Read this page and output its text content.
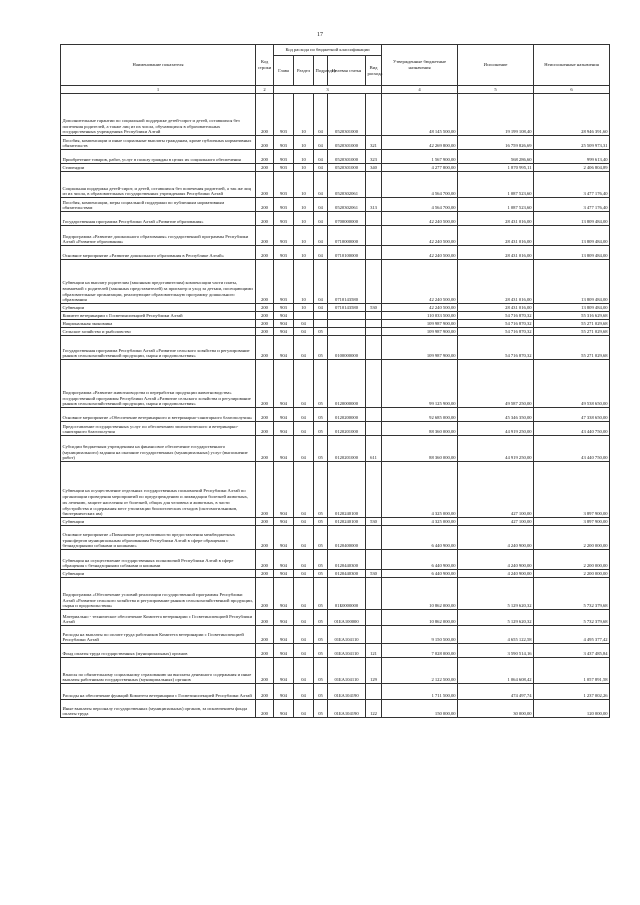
17
Наименование показателя	Код строки	Код расхода по бюджетной классификации					Утвержденные бюджетные назначения	Исполнение	Неисполненные назначения
		Глава	Раздел	Подраздел	Целевая статья	Вид расхода			
1	2	3					4	5	6
Дополнительные гарантии по социальной поддержке детей-сирот и детей, оставшихся без попечения родителей, а также лиц из их числа, обучающихся в образовательных государственных учреждениях Республики Алтай	200	903	10	04	0520301000		48 145 500,00	19 199 108,40	28 946 391,60
Пособия, компенсации и иные социальные выплаты гражданам, кроме публичных нормативных обязательств	200	903	10	04	0520301000	321	42 269 800,00	16 759 826,69	25 509 973,31
Приобретение товаров, работ, услуг в пользу граждан в целях их социального обеспечения	200	903	10	04	0520301000	323	1 567 900,00	568 286,60	999 613,40
Стипендии	200	903	10	04	0520301000	340	4 277 800,00	1 870 995,11	2 406 804,89
Социальная поддержка детей-сирот, и детей, оставшихся без попечения родителей, а так же лиц из их числа, в образовательных государственных учреждениях Республики Алтай	200	903	10	04	0520302061		4 564 700,00	1 087 523,60	3 477 176,40
Пособия, компенсации, меры социальной поддержки по публичным нормативным обязательствам	200	903	10	04	0520302061	313	4 564 700,00	1 087 523,60	3 477 176,40
Государственная программа Республики Алтай «Развитие образования»	200	903	10	04	0700000000		42 240 500,00	28 431 016,00	13 809 484,00
Подпрограмма «Развитие дошкольного образования» государственной программы Республики Алтай «Развитие образования»	200	903	10	04	0710000000		42 240 500,00	28 431 016,00	13 809 484,00
Основное мероприятие «Развитие дошкольного образования в Республике Алтай»	200	903	10	04	0710100000		42 240 500,00	28 431 016,00	13 809 484,00
Субвенции на выплату родителям (законным представителям) компенсации части платы, взимаемой с родителей (законных представителей) за присмотр и уход за детьми, посещающими образовательные организации, реализующие образовательную программу дошкольного образования	200	903	10	04	0710143580		42 240 500,00	28 431 016,00	13 809 484,00
Субвенции	200	903	10	04	0710143580	530	42 240 500,00	28 431 016,00	13 809 484,00
Комитет ветеринарии с Госветинспекцией Республики Алтай	200	904					110 033 500,00	54 716 870,32	55 316 629,68
Национальная экономика	200	904	04				109 987 900,00	54 716 870,32	55 271 029,68
Сельское хозяйство и рыболовство	200	904	04	05			109 987 900,00	54 716 870,32	55 271 029,68
Государственная программа Республики Алтай «Развитие сельского хозяйства и регулирование рынков сельскохозяйственной продукции, сырья и продовольствия»	200	904	04	05	0100000000		109 987 900,00	54 716 870,32	55 271 029,68
Подпрограмма «Развитие животноводства и переработки продукции животноводства» государственной программы Республики Алтай «Развитие сельского хозяйства и регулирование рынков сельскохозяйственной продукции, сырья и продовольствия»	200	904	04	05	0120000000		99 125 900,00	49 587 250,00	49 538 650,00
Основное мероприятие «Обеспечение ветеринарного и ветеринарно-санитарного благополучия»	200	904	04	05	0120200000		92 685 000,00	45 346 350,00	47 338 650,00
Предоставление государственных услуг по обеспечению эпизоотического и ветеринарно-санитарного благополучия	200	904	04	05	0120201000		88 360 000,00	44 919 250,00	43 440 750,00
Субсидии бюджетным учреждениям на финансовое обеспечение государственного (муниципального) задания на оказание государственных (муниципальных) услуг (выполнение работ)	200	904	04	05	0120201000	611	88 360 000,00	44 919 250,00	43 440 750,00
Субвенции на осуществление отдельных государственных полномочий Республики Алтай по организации проведения мероприятий по предупреждению и ликвидации болезней животных, их лечению, защите населения от болезней, общих для человека и животных, в части обустройства и содержания мест утилизации биологических отходов (скотомогильников, биотермических ям)	200	904	04	05	0120240100		4 325 000,00	427 100,00	3 897 900,00
Субвенции	200	904	04	05	0120240100	530	4 325 000,00	427 100,00	3 897 900,00
Основное мероприятие «Повышение результативности предоставления межбюджетных трансфертов муниципальным образованиям Республики Алтай в сфере обращения с безнадзорными собаками и кошками»	200	904	04	05	0120400000		6 440 900,00	4 240 900,00	2 200 000,00
Субвенция на осуществление государственных полномочий Республики Алтай в сфере обращения с безнадзорными собаками и кошками	200	904	04	05	0120440300		6 440 900,00	4 240 900,00	2 200 000,00
Субвенции	200	904	04	05	0120440300	530	6 440 900,00	4 240 900,00	2 200 000,00
Подпрограмма «Обеспечение условий реализации государственной программы Республики Алтай «Развитие сельского хозяйства и регулирование рынков сельскохозяйственной продукции, сырья и продовольствия»	200	904	04	05	01Б0000000		10 862 000,00	5 129 620,32	5 732 379,68
Материально - техническое обеспечение Комитета ветеринарии с Госветинспекцией Республики Алтай	200	904	04	05	01БА100000		10 862 000,00	5 129 620,32	5 732 379,68
Расходы на выплаты по оплате труда работников Комитета ветеринарии с Госветинспекцией Республики Алтай	200	904	04	05	01БА104110		9 150 500,00	4 655 122,58	4 495 377,42
Фонд оплаты труда государственных (муниципальных) органов	200	904	04	05	01БА104110	121	7 028 000,00	3 590 514,16	3 437 485,84
Взносы по обязательному социальному страхованию на выплаты денежного содержания и иные выплаты работникам государственных (муниципальных) органов	200	904	04	05	01БА104110	129	2 122 500,00	1 064 608,42	1 057 891,58
Расходы на обеспечение функций Комитета ветеринарии с Госветинспекцией Республики Алтай	200	904	04	05	01БА104190		1 711 500,00	474 497,74	1 237 002,26
Иные выплаты персоналу государственных (муниципальных) органов, за исключением фонда оплаты труда	200	904	04	05	01БА104190	122	150 000,00	30 000,00	120 000,00
